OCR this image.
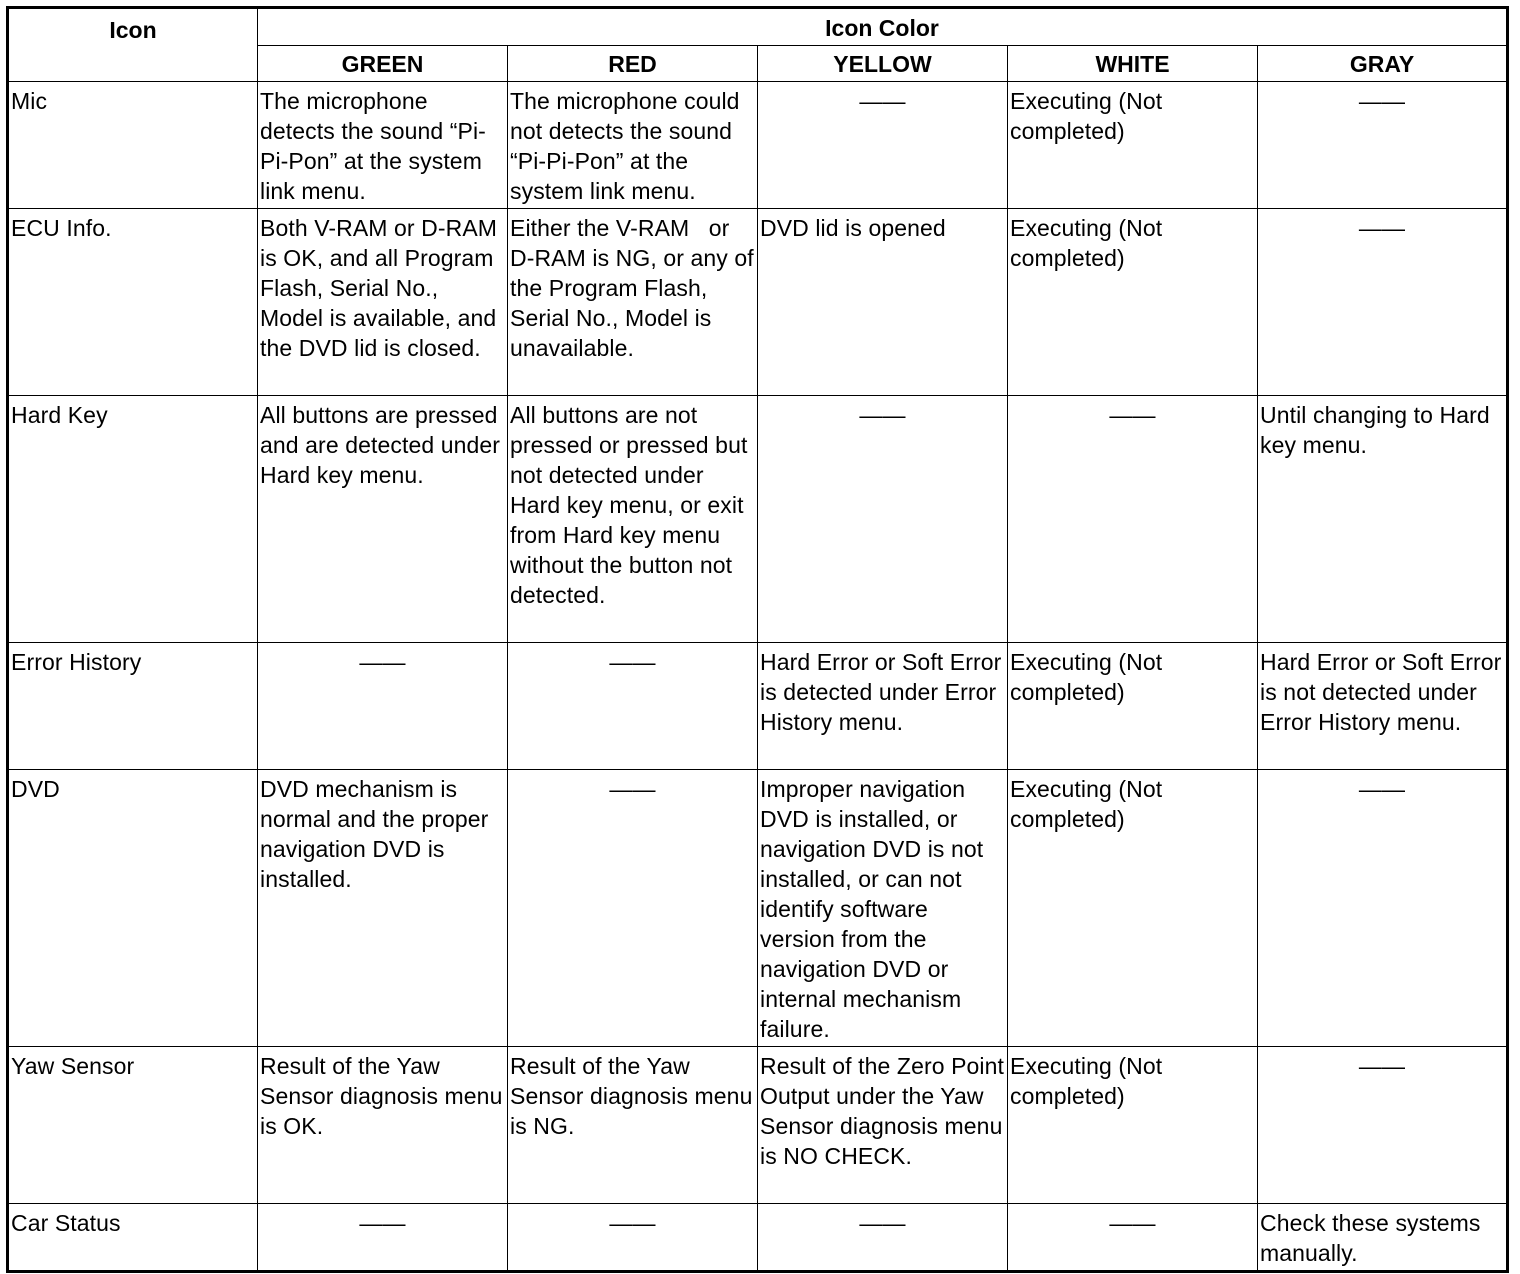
Icon	Icon Color				
	GREEN	RED	YELLOW	WHITE	GRAY
Mic	The microphone detects the sound “Pi-Pi-Pon” at the system link menu.	The microphone could not detects the sound “Pi-Pi-Pon” at the system link menu.	——	Executing (Not completed)	——
ECU Info.	Both V-RAM or D-RAM is OK, and all Program Flash, Serial No., Model is available, and the DVD lid is closed.	Either the V-RAM   or D-RAM is NG, or any of the Program Flash, Serial No., Model is unavailable.	DVD lid is opened	Executing (Not completed)	——
Hard Key	All buttons are pressed and are detected under Hard key menu.	All buttons are not pressed or pressed but not detected under Hard key menu, or exit from Hard key menu without the button not detected.	——	——	Until changing to Hard key menu.
Error History	——	——	Hard Error or Soft Error is detected under Error History menu.	Executing (Not completed)	Hard Error or Soft Error is not detected under Error History menu.
DVD	DVD mechanism is normal and the proper navigation DVD is installed.	——	Improper navigation DVD is installed, or navigation DVD is not installed, or can not identify software version from the navigation DVD or internal mechanism failure.	Executing (Not completed)	——
Yaw Sensor	Result of the Yaw Sensor diagnosis menu is OK.	Result of the Yaw Sensor diagnosis menu is NG.	Result of the Zero Point Output under the Yaw Sensor diagnosis menu is NO CHECK.	Executing (Not completed)	——
Car Status	——	——	——	——	Check these systems manually.
